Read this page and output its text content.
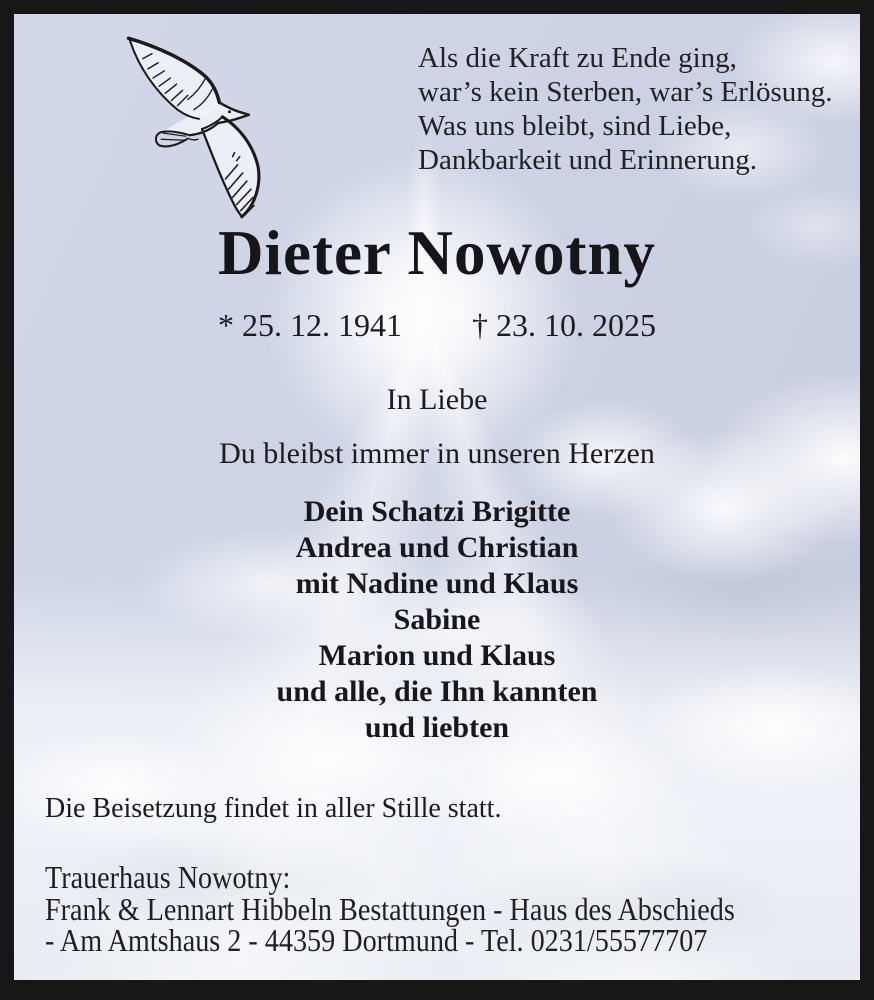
Als die Kraft zu Ende ging,
war’s kein Sterben, war’s Erlösung.
Was uns bleibt, sind Liebe,
Dankbarkeit und Erinnerung.
Dieter Nowotny
* 25. 12. 1941 † 23. 10. 2025
In Liebe
Du bleibst immer in unseren Herzen
Dein Schatzi Brigitte
Andrea und Christian
mit Nadine und Klaus
Sabine
Marion und Klaus
und alle, die Ihn kannten
und liebten
Die Beisetzung findet in aller Stille statt.
Trauerhaus Nowotny:
Frank & Lennart Hibbeln Bestattungen - Haus des Abschieds
- Am Amtshaus 2 - 44359 Dortmund - Tel. 0231/55577707
